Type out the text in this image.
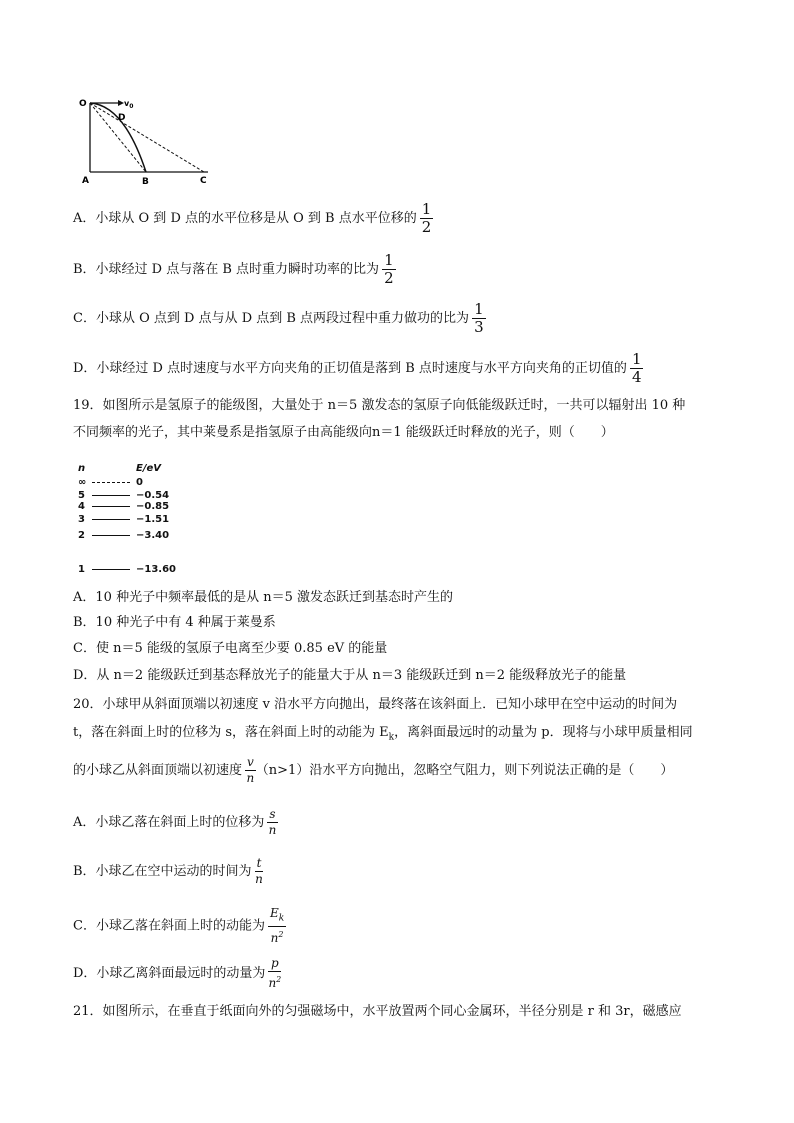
O	$v_0$
D
A	B	C
A．小球从 O 到 D 点的水平位移是从 O 到 B 点水平位移的 $\frac{1}{2}$
B．小球经过 D 点与落在 B 点时重力瞬时功率的比为 $\frac{1}{2}$
C．小球从 O 点到 D 点与从 D 点到 B 点两段过程中重力做功的比为 $\frac{1}{3}$
D．小球经过 D 点时速度与水平方向夹角的正切值是落到 B 点时速度与水平方向夹角的正切值的 $\frac{1}{4}$
19．如图所示是氢原子的能级图，大量处于 n＝5 激发态的氢原子向低能级跃迁时，一共可以辐射出 10 种
不同频率的光子，其中莱曼系是指氢原子由高能级向n＝1 能级跃迁时释放的光子，则（　　）
n	E/eV
∞	0
5	−0.54
4	−0.85
3	−1.51
2	−3.40
1	−13.60
A．10 种光子中频率最低的是从 n＝5 激发态跃迁到基态时产生的
B．10 种光子中有 4 种属于莱曼系
C．使 n＝5 能级的氢原子电离至少要 0.85 eV 的能量
D．从 n＝2 能级跃迁到基态释放光子的能量大于从 n＝3 能级跃迁到 n＝2 能级释放光子的能量
20．小球甲从斜面顶端以初速度 v 沿水平方向抛出，最终落在该斜面上．已知小球甲在空中运动的时间为
t，落在斜面上时的位移为 s，落在斜面上时的动能为 $E_k$，离斜面最远时的动量为 p．现将与小球甲质量相同
的小球乙从斜面顶端以初速度 $\frac{v}{n} (n>1)$沿水平方向抛出，忽略空气阻力，则下列说法正确的是（　　）
A．小球乙落在斜面上时的位移为 $\frac{s}{n}$
B．小球乙在空中运动的时间为 $\frac{t}{n}$
C．小球乙落在斜面上时的动能为 $\frac{E_k}{n^2}$
D．小球乙离斜面最远时的动量为 $\frac{p}{n^2}$
21．如图所示，在垂直于纸面向外的匀强磁场中，水平放置两个同心金属环，半径分别是 r 和 3r，磁感应
